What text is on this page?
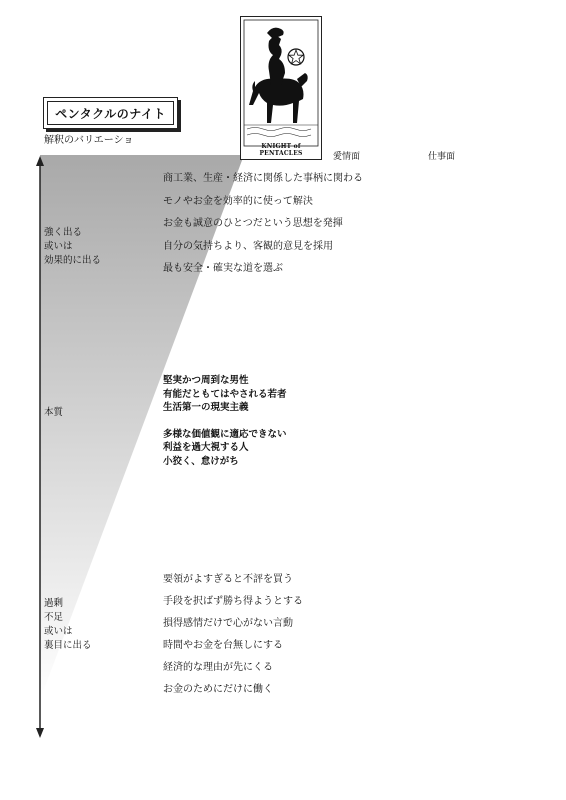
ペンタクルのナイト
解釈のバリエーショ
KNIGHT of PENTACLES	愛情面	仕事面
強く出る
或いは
効果的に出る
本質
過剰
不足
或いは
裏目に出る
商工業、生産・経済に関係した事柄に関わる
モノやお金を効率的に使って解決
お金も誠意のひとつだという思想を発揮
自分の気持ちより、客観的意見を採用
最も安全・確実な道を選ぶ
堅実かつ周到な男性
有能だともてはやされる若者
生活第一の現実主義
多様な価値観に適応できない
利益を過大視する人
小狡く、怠けがち
要領がよすぎると不評を買う
手段を択ばず勝ち得ようとする
損得感情だけで心がない言動
時間やお金を台無しにする
経済的な理由が先にくる
お金のためにだけに働く
